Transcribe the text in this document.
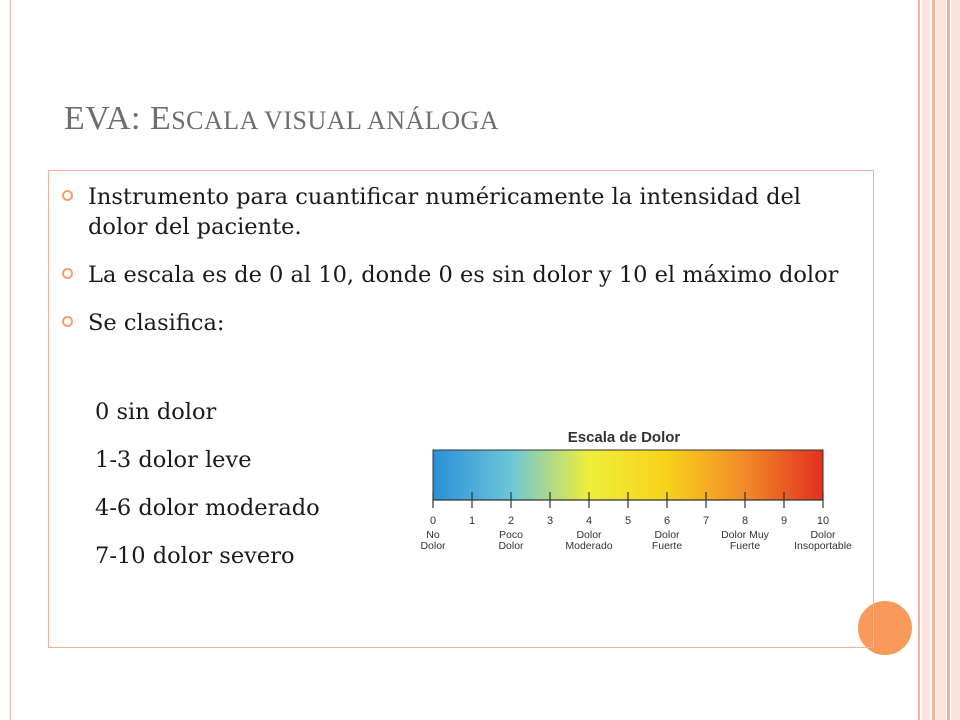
EVA: ESCALA VISUAL ANÁLOGA
Instrumento para cuantificar numéricamente la intensidad del dolor del paciente.
La escala es de 0 al 10, donde 0 es sin dolor y 10 el máximo dolor
Se clasifica:
0 sin dolor
1-3 dolor leve
4-6 dolor moderado
7-10 dolor severo
Escala de Dolor
0	1	2	3	4	5	6	7	8	9	10
No
Dolor
Poco
Dolor
Dolor
Moderado
Dolor
Fuerte
Dolor Muy
Fuerte
Dolor
Insoportable
